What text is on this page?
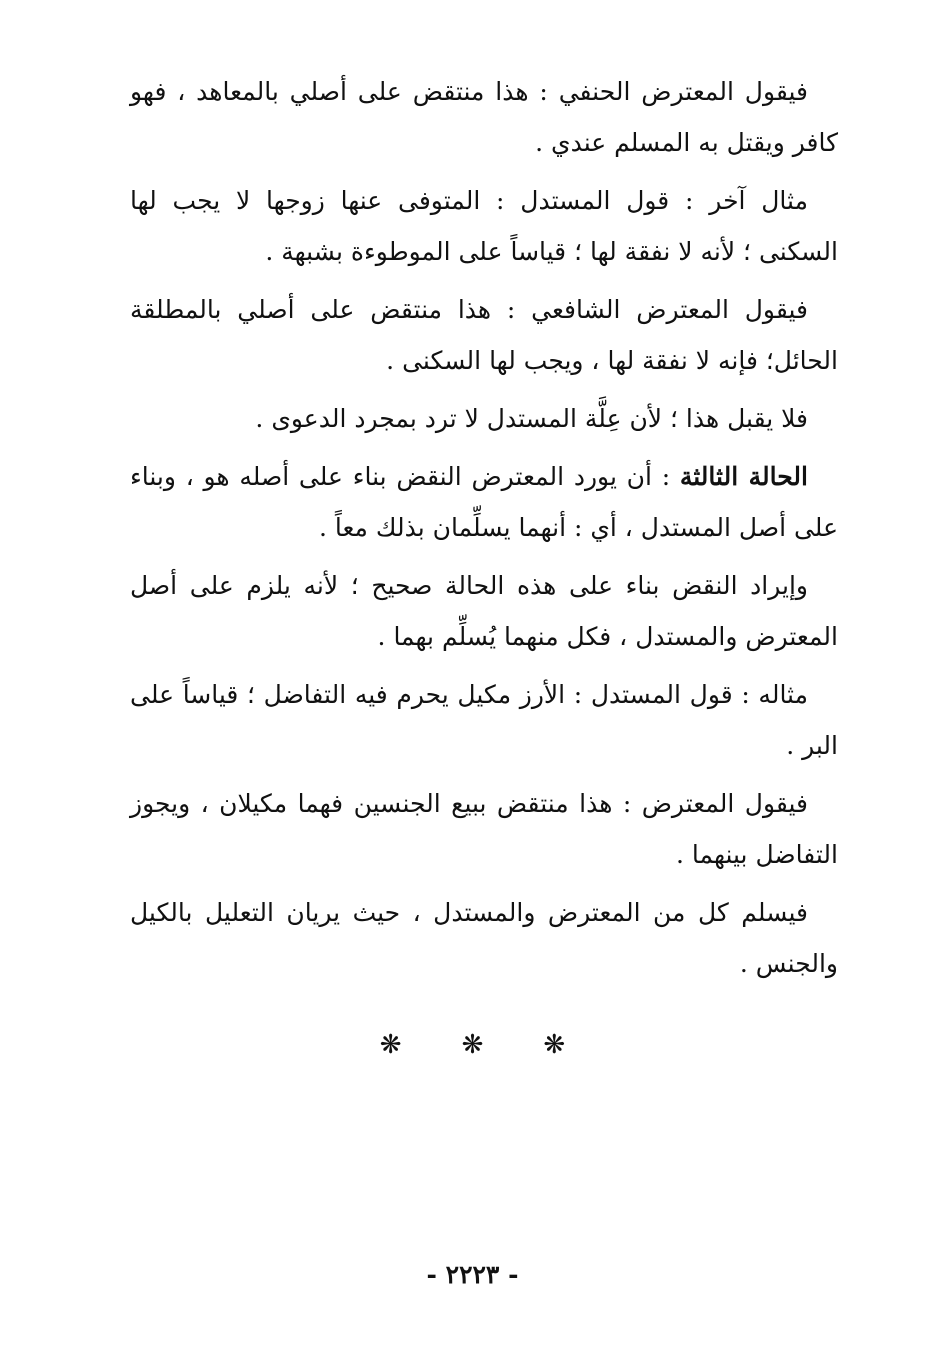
فيقول المعترض الحنفي : هذا منتقض على أصلي بالمعاهد ، فهو كافر ويقتل به المسلم عندي .

مثال آخر : قول المستدل : المتوفى عنها زوجها لا يجب لها السكنى ؛ لأنه لا نفقة لها ؛ قياساً على الموطوءة بشبهة .

فيقول المعترض الشافعي : هذا منتقض على أصلي بالمطلقة الحائل؛ فإنه لا نفقة لها ، ويجب لها السكنى .

فلا يقبل هذا ؛ لأن عِلَّة المستدل لا ترد بمجرد الدعوى .

الحالة الثالثة : أن يورد المعترض النقض بناء على أصله هو ، وبناء على أصل المستدل ، أي : أنهما يسلِّمان بذلك معاً .

وإيراد النقض بناء على هذه الحالة صحيح ؛ لأنه يلزم على أصل المعترض والمستدل ، فكل منهما يُسلِّم بهما .

مثاله : قول المستدل : الأرز مكيل يحرم فيه التفاضل ؛ قياساً على البر .

فيقول المعترض : هذا منتقض ببيع الجنسين فهما مكيلان ، ويجوز التفاضل بينهما .

فيسلم كل من المعترض والمستدل ، حيث يريان التعليل بالكيل والجنس .

❋ ❋ ❋
- ٢٢٢٣ -
